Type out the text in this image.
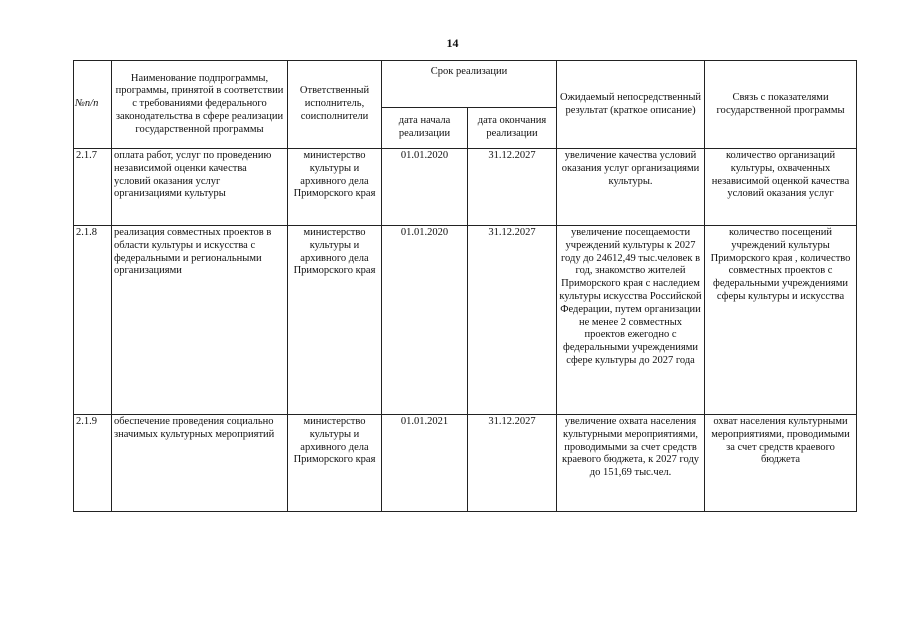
14
№п/п	Наименование подпрограммы, программы, принятой в соответствии с требованиями федерального законодательства в сфере реализации государственной программы	Ответственный исполнитель, соисполнители	Срок реализации		Ожидаемый непосредственный результат (краткое описание)	Связь с показателями государственной программы
			дата начала реализации	дата окончания реализации		
2.1.7	оплата работ, услуг по проведению независимой оценки качества условий оказания услуг организациями культуры	министерство культуры и архивного дела Приморского края	01.01.2020	31.12.2027	увеличение качества условий оказания услуг организациями культуры.	количество организаций культуры, охваченных независимой оценкой качества условий оказания услуг
2.1.8	реализация совместных проектов в области культуры и искусства с федеральными и региональными организациями	министерство культуры и архивного дела Приморского края	01.01.2020	31.12.2027	увеличение посещаемости учреждений культуры к 2027 году до 24612,49 тыс.человек в год, знакомство жителей Приморского края с наследием культуры искусства Российской Федерации, путем организации не менее 2 совместных проектов ежегодно с федеральными учреждениями сфере культуры до 2027 года	количество посещений учреждений культуры Приморского края , количество совместных проектов с федеральными учреждениями сферы культуры и искусства
2.1.9	обеспечение проведения социально значимых культурных мероприятий	министерство культуры и архивного дела Приморского края	01.01.2021	31.12.2027	увеличение охвата населения культурными мероприятиями, проводимыми за счет средств краевого бюджета, к 2027 году до 151,69 тыс.чел.	охват населения культурными мероприятиями, проводимыми за счет средств краевого бюджета
